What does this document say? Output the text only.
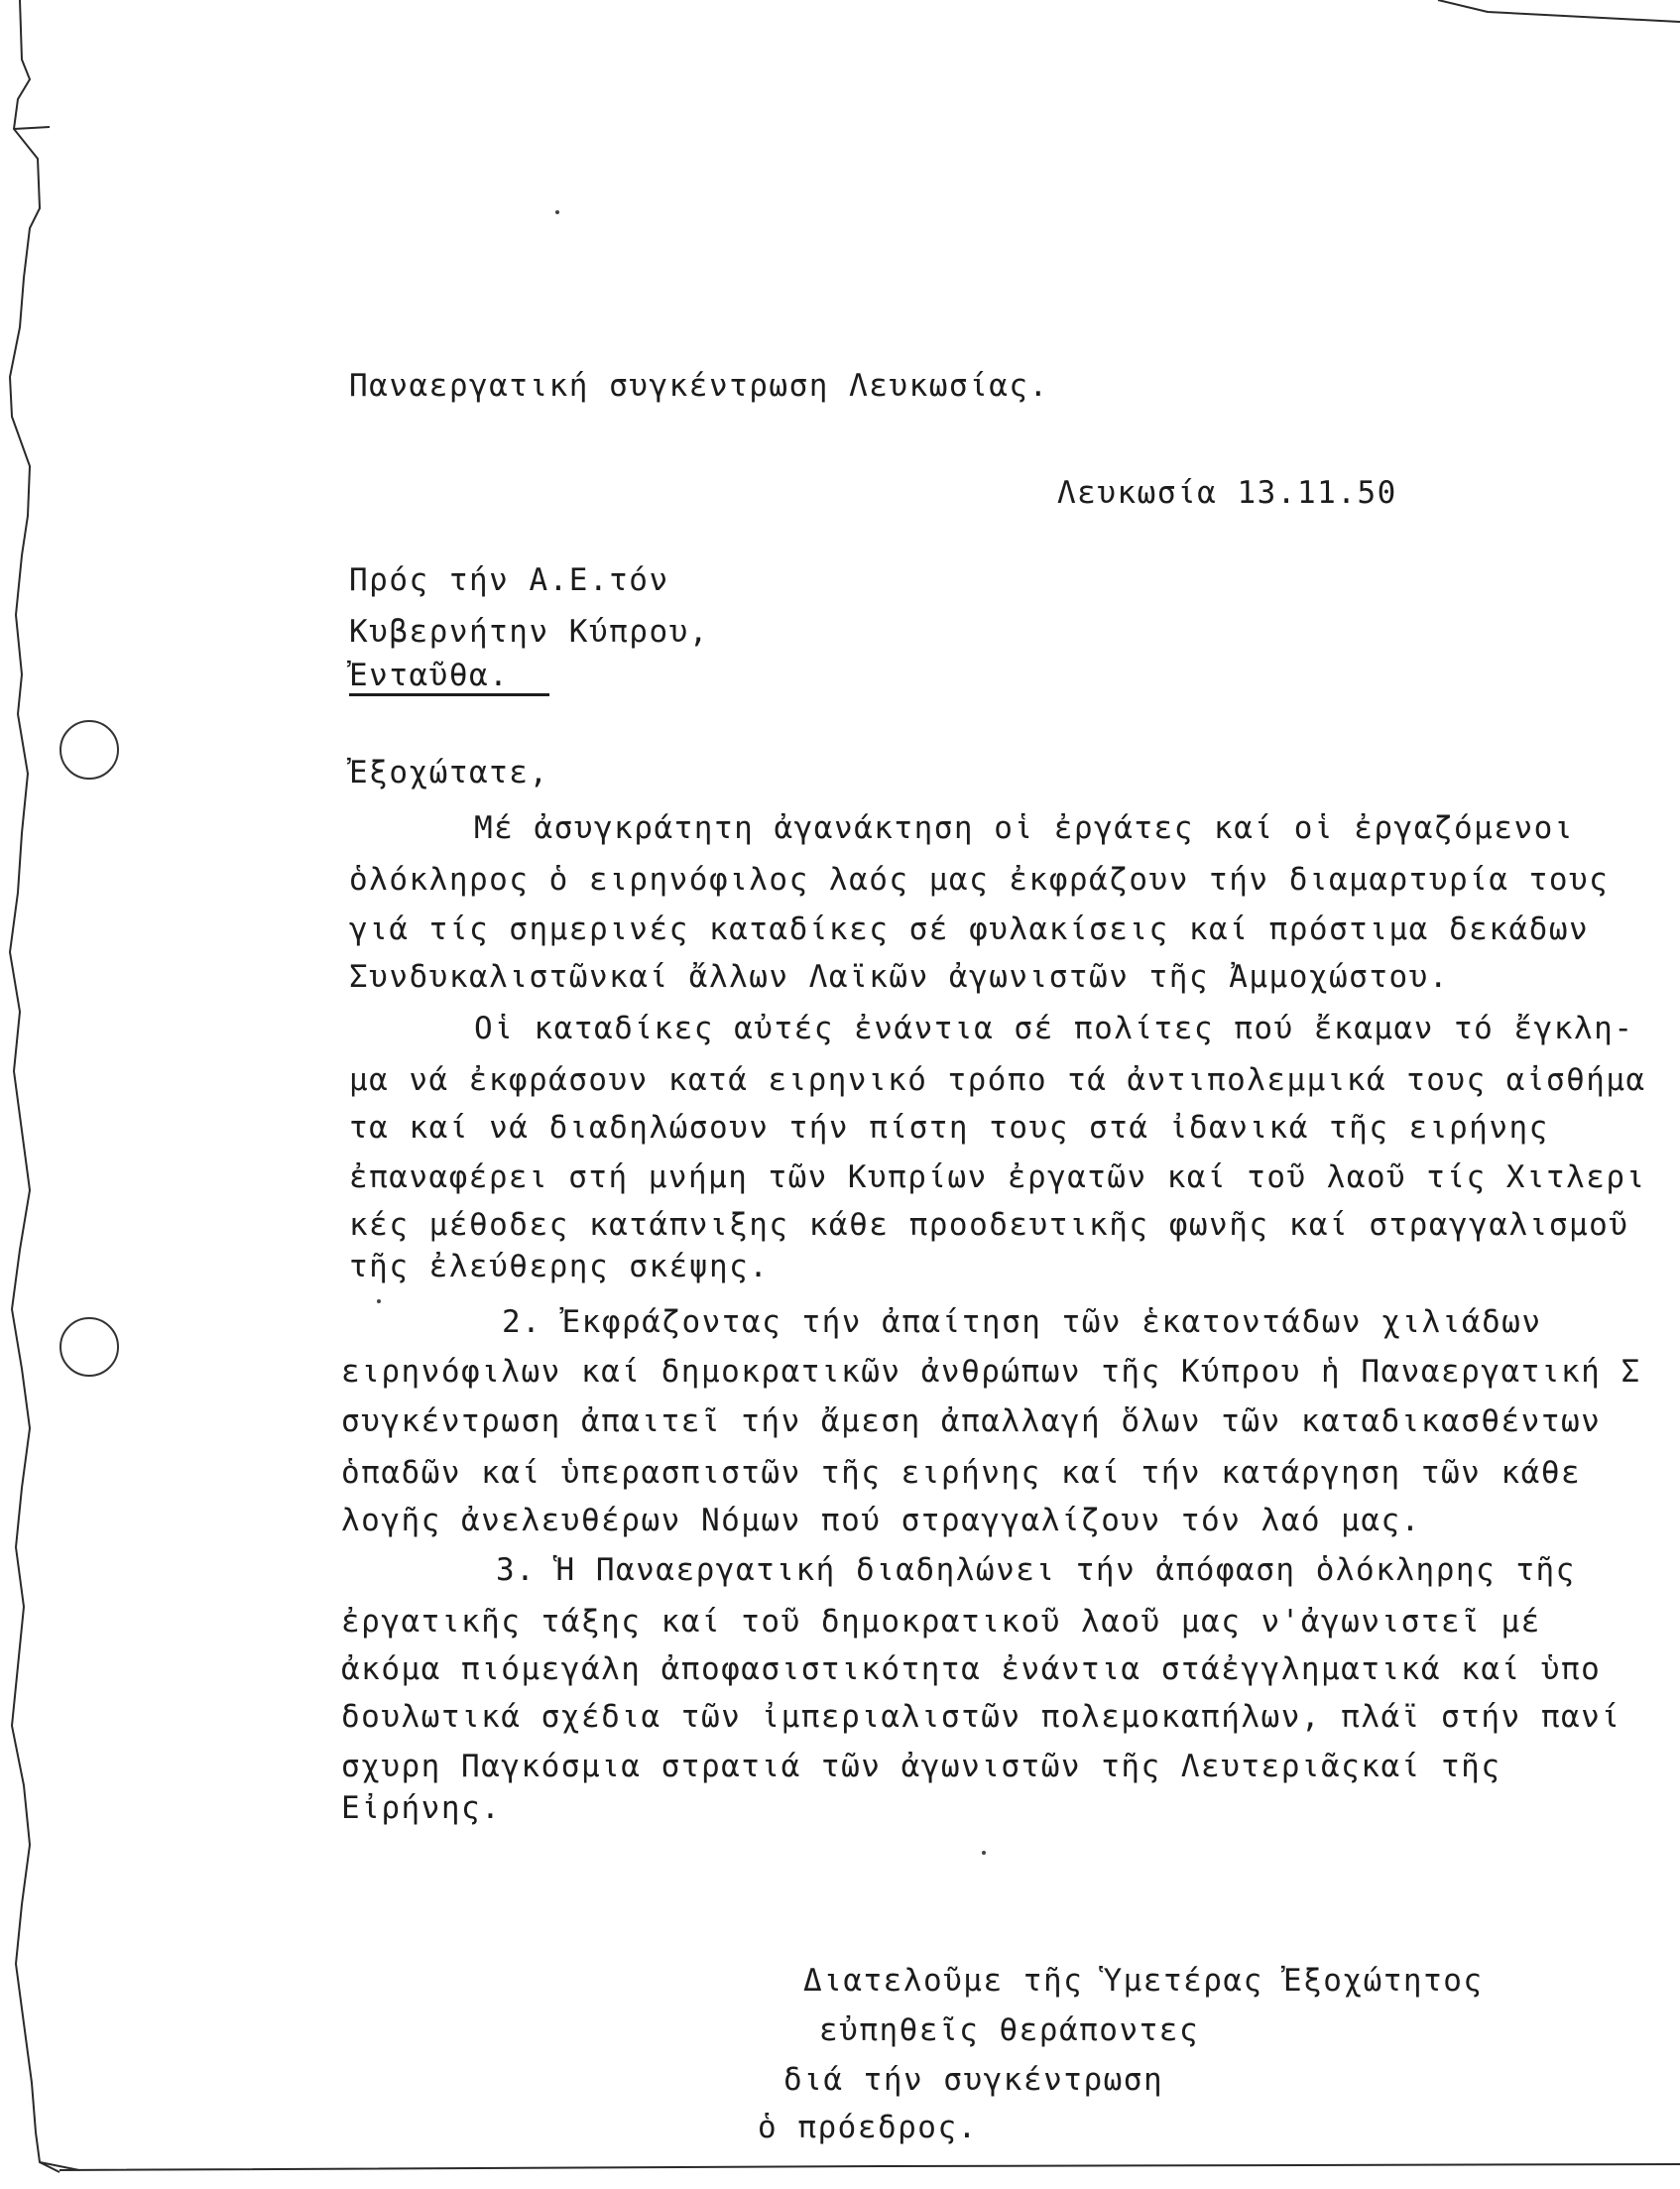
Παναεργατική συγκέντρωση Λευκωσίας.
Λευκωσία 13.11.50
Πρός τήν Α.Ε.τόν
Κυβερνήτην Κύπρου,
Ἐνταῦθα.
Ἐξοχώτατε,
Μέ ἀσυγκράτητη ἀγανάκτηση οἱ ἐργάτες καί οἱ ἐργαζόμενοι
ὁλόκληρος ὁ ειρηνόφιλος λαός μας ἐκφράζουν τήν διαμαρτυρία τους
γιά τίς σημερινές καταδίκες σέ φυλακίσεις καί πρόστιμα δεκάδων
Συνδυκαλιστῶνκαί ἄλλων Λαϊκῶν ἀγωνιστῶν τῆς Ἀμμοχώστου.
Οἱ καταδίκες αὐτές ἐνάντια σέ πολίτες πού ἔκαμαν τό ἔγκλη-
μα νά ἐκφράσουν κατά ειρηνικό τρόπο τά ἀντιπολεμμικά τους αἰσθήμα
τα καί νά διαδηλώσουν τήν πίστη τους στά ἰδανικά τῆς ειρήνης
ἐπαναφέρει στή μνήμη τῶν Κυπρίων ἐργατῶν καί τοῦ λαοῦ τίς Χιτλερι
κές μέθοδες κατάπνιξης κάθε προοδευτικῆς φωνῆς καί στραγγαλισμοῦ
τῆς ἐλεύθερης σκέψης.
2. Ἐκφράζοντας τήν ἀπαίτηση τῶν ἑκατοντάδων χιλιάδων
ειρηνόφιλων καί δημοκρατικῶν ἀνθρώπων τῆς Κύπρου ἡ Παναεργατική Σ
συγκέντρωση ἀπαιτεῖ τήν ἄμεση ἀπαλλαγή ὅλων τῶν καταδικασθέντων
ὁπαδῶν καί ὑπερασπιστῶν τῆς ειρήνης καί τήν κατάργηση τῶν κάθε
λογῆς ἀνελευθέρων Νόμων πού στραγγαλίζουν τόν λαό μας.
3. Ἡ Παναεργατική διαδηλώνει τήν ἀπόφαση ὁλόκληρης τῆς
ἐργατικῆς τάξης καί τοῦ δημοκρατικοῦ λαοῦ μας ν'ἀγωνιστεῖ μέ
ἀκόμα πιόμεγάλη ἀποφασιστικότητα ἐνάντια στάἐγγληματικά καί ὑπο
δουλωτικά σχέδια τῶν ἰμπεριαλιστῶν πολεμοκαπήλων, πλάϊ στήν πανί
σχυρη Παγκόσμια στρατιά τῶν ἀγωνιστῶν τῆς Λευτεριᾶςκαί τῆς
Εἰρήνης.
Διατελοῦμε τῆς Ὑμετέρας Ἐξοχώτητος
εὐπηθεῖς θεράποντες
διά τήν συγκέντρωση
ὁ πρόεδρος.
